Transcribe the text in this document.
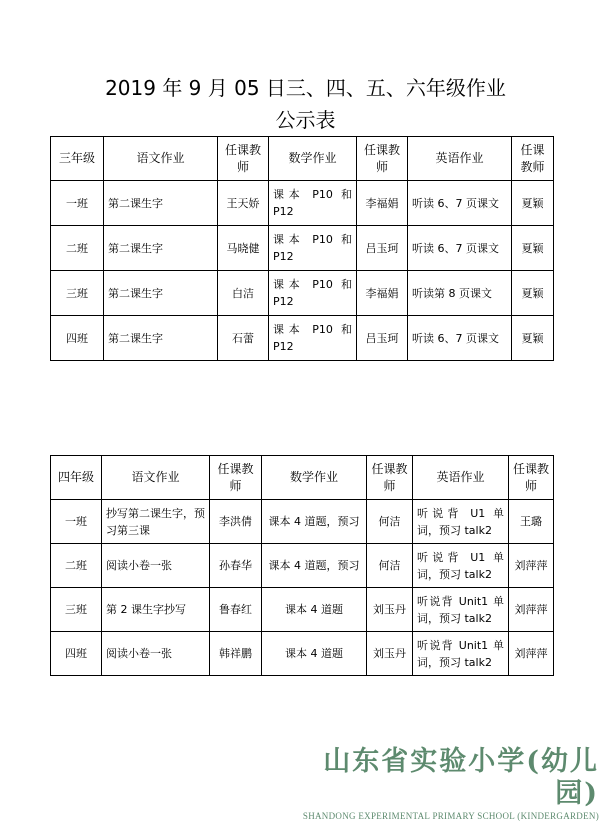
2019 年 9 月 05 日三、四、五、六年级作业
公示表
三年级	语文作业	任课教师	数学作业	任课教师	英语作业	任课教师
一班	第二课生字	王天娇	课本 P10 和 P12	李福娟	听读 6、7 页课文	夏颖
二班	第二课生字	马晓健	课本 P10 和 P12	吕玉珂	听读 6、7 页课文	夏颖
三班	第二课生字	白洁	课本 P10 和 P12	李福娟	听读第 8 页课文	夏颖
四班	第二课生字	石蕾	课本 P10 和 P12	吕玉珂	听读 6、7 页课文	夏颖
四年级	语文作业	任课教师	数学作业	任课教师	英语作业	任课教师
一班	抄写第二课生字，预习第三课	李洪倩	课本 4 道题，预习	何洁	听说背 U1 单词，预习 talk2	王璐
二班	阅读小卷一张	孙春华	课本 4 道题，预习	何洁	听说背 U1 单词，预习 talk2	刘萍萍
三班	第 2 课生字抄写	鲁春红	课本 4 道题	刘玉丹	听说背 Unit1 单词，预习 talk2	刘萍萍
四班	阅读小卷一张	韩祥鹏	课本 4 道题	刘玉丹	听说背 Unit1 单词，预习 talk2	刘萍萍
山东省实验小学(幼儿园)
SHANDONG EXPERIMENTAL PRIMARY SCHOOL (KINDERGARDEN)
